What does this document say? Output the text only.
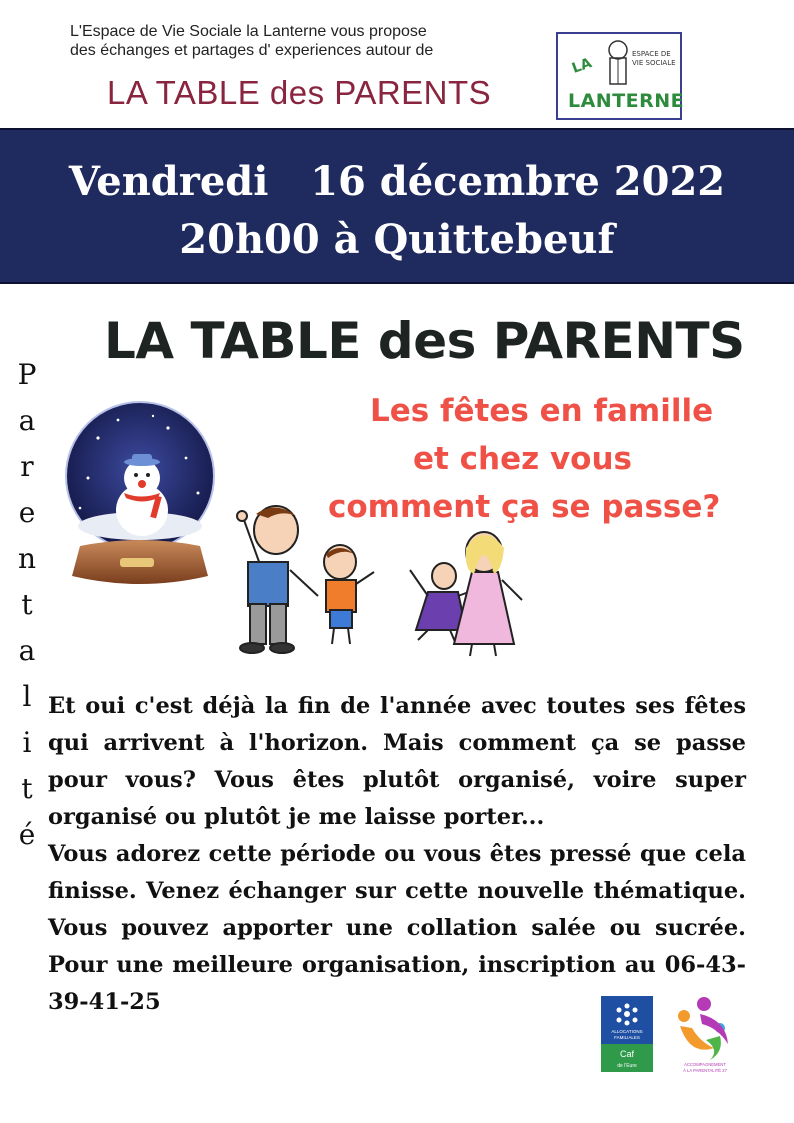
L'Espace de Vie Sociale la Lanterne vous propose

des échanges et partages d' experiences autour de

LA TABLE des PARENTS
LA
LANTERNE
ESPACE DE VIE SOCIALE
Vendredi   16 décembre 2022
20h00 à Quittebeuf
P
a
r
e
n
t
a
l
i
t
é
LA TABLE des PARENTS
Les fêtes en famille
et chez vous
comment ça se passe?

Et oui c'est déjà la fin de l'année avec toutes ses fêtes qui arrivent à l'horizon. Mais comment ça se passe pour vous? Vous êtes plutôt organisé, voire super organisé ou plutôt je me laisse porter...

Vous adorez cette période ou vous êtes pressé que cela finisse. Venez échanger sur cette nouvelle thématique. Vous pouvez apporter une collation salée ou sucrée. Pour une meilleure organisation, inscription au 06-43-39-41-25

ALLOCATIONS
FAMILIALES
Caf
de l'Eure	ACCOMPAGNEMENT
À LA PARENTALITÉ 27
